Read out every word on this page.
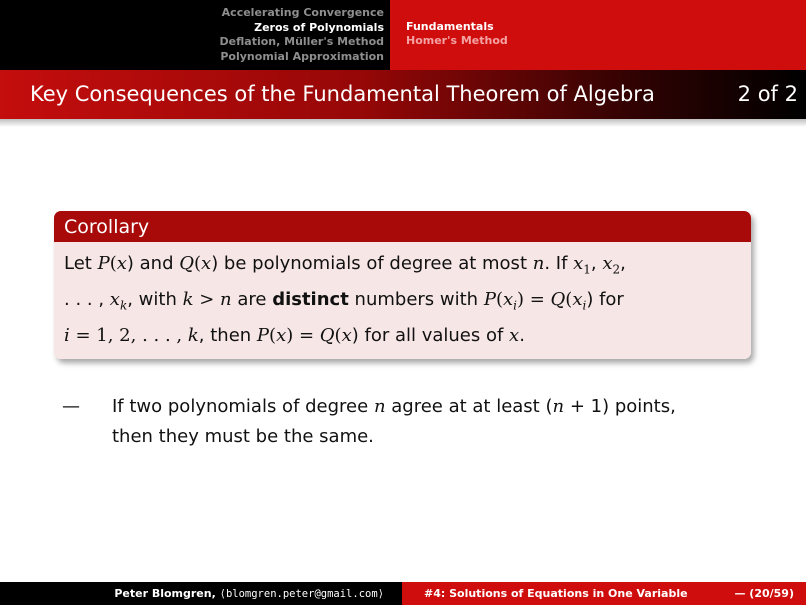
Accelerating Convergence
Zeros of Polynomials
Deflation, Müller's Method
Polynomial Approximation
Fundamentals
Homer's Method
Key Consequences of the Fundamental Theorem of Algebra	2 of 2
Corollary
Let P(x) and Q(x) be polynomials of degree at most n. If $x_1$, $x_2$,
. . . , $x_k$, with k > n are distinct numbers with $P(x_i) = Q(x_i)$ for
i = 1, 2, . . . , k, then P(x) = Q(x) for all values of x.
— If two polynomials of degree n agree at at least (n + 1) points,
then they must be the same.
Peter Blomgren,
⟨blomgren.peter@gmail.com⟩	#4: Solutions of Equations in One Variable	— (20/59)
